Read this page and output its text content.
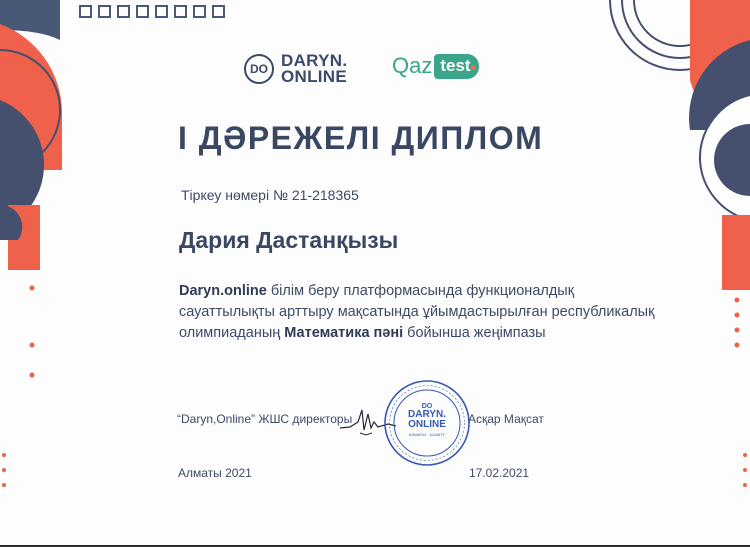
DO DARYN.
ONLINE Qaz test
I ДӘРЕЖЕЛІ ДИПЛОМ
Тіркеу нөмері № 21-218365
Дария Дастанқызы
Daryn.online білім беру платформасында функционалдық сауаттылықты арттыру мақсатында ұйымдастырылған республикалық олимпиаданың Математика пәні бойынша жеңімпазы
“Daryn,Online” ЖШС директоры
DO
DARYN.
ONLINE
АЛМАТЫ · ALMATY
Асқар Мақсат
Алматы 2021	17.02.2021
